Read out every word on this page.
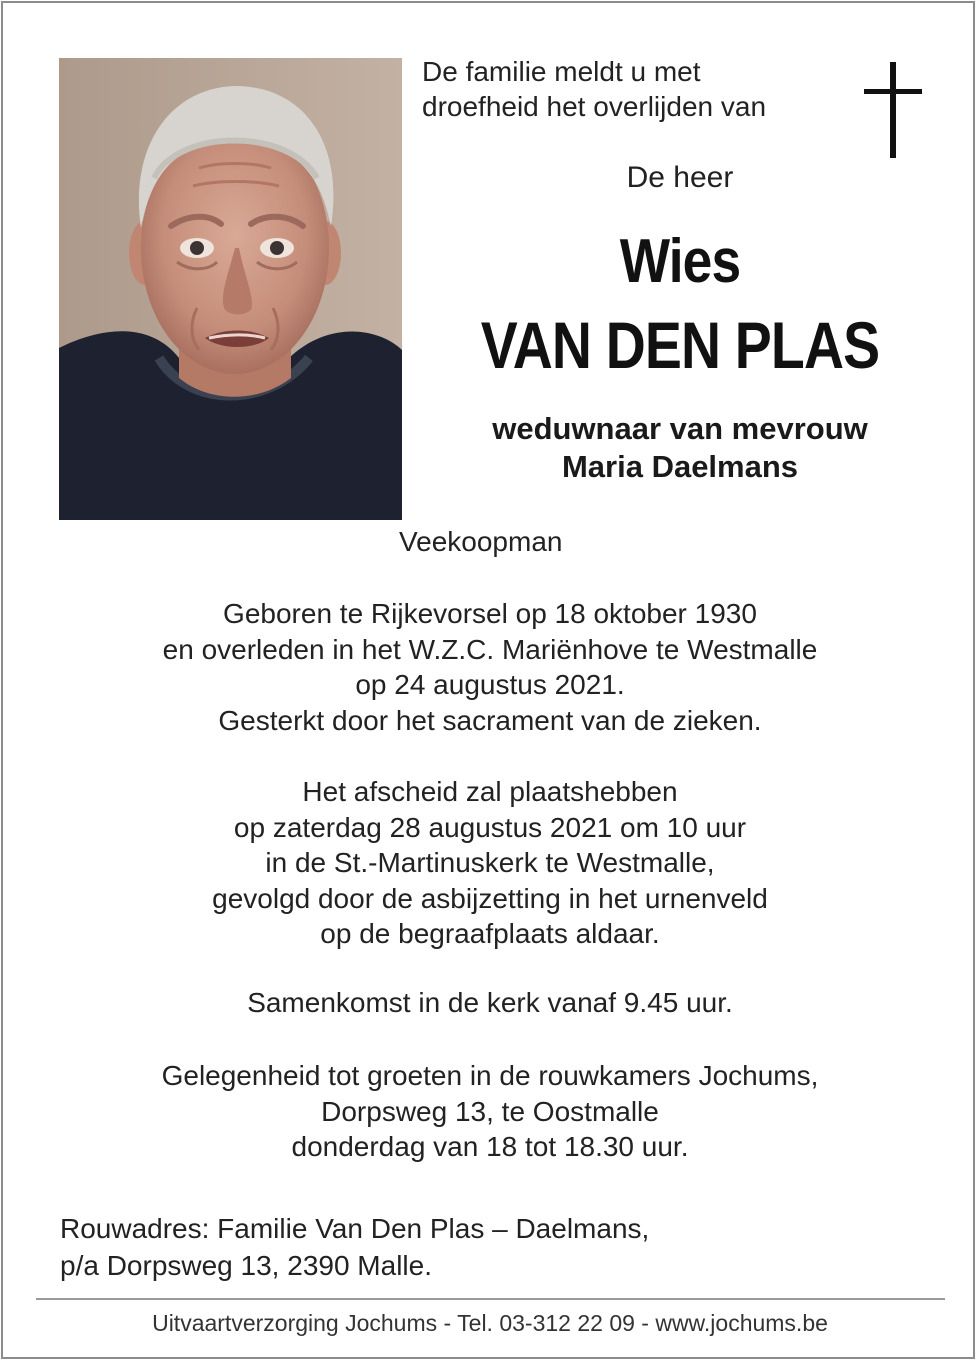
De familie meldt u met
droefheid het overlijden van
De heer
Wies
VAN DEN PLAS
weduwnaar van mevrouw
Maria Daelmans
Veekoopman
Geboren te Rijkevorsel op 18 oktober 1930
en overleden in het W.Z.C. Mariënhove te Westmalle
op 24 augustus 2021.
Gesterkt door het sacrament van de zieken.
Het afscheid zal plaatshebben
op zaterdag 28 augustus 2021 om 10 uur
in de St.-Martinuskerk te Westmalle,
gevolgd door de asbijzetting in het urnenveld
op de begraafplaats aldaar.
Samenkomst in de kerk vanaf 9.45 uur.
Gelegenheid tot groeten in de rouwkamers Jochums,
Dorpsweg 13, te Oostmalle
donderdag van 18 tot 18.30 uur.
Rouwadres: Familie Van Den Plas – Daelmans,
p/a Dorpsweg 13, 2390 Malle.
Uitvaartverzorging Jochums - Tel. 03-312 22 09 - www.jochums.be
